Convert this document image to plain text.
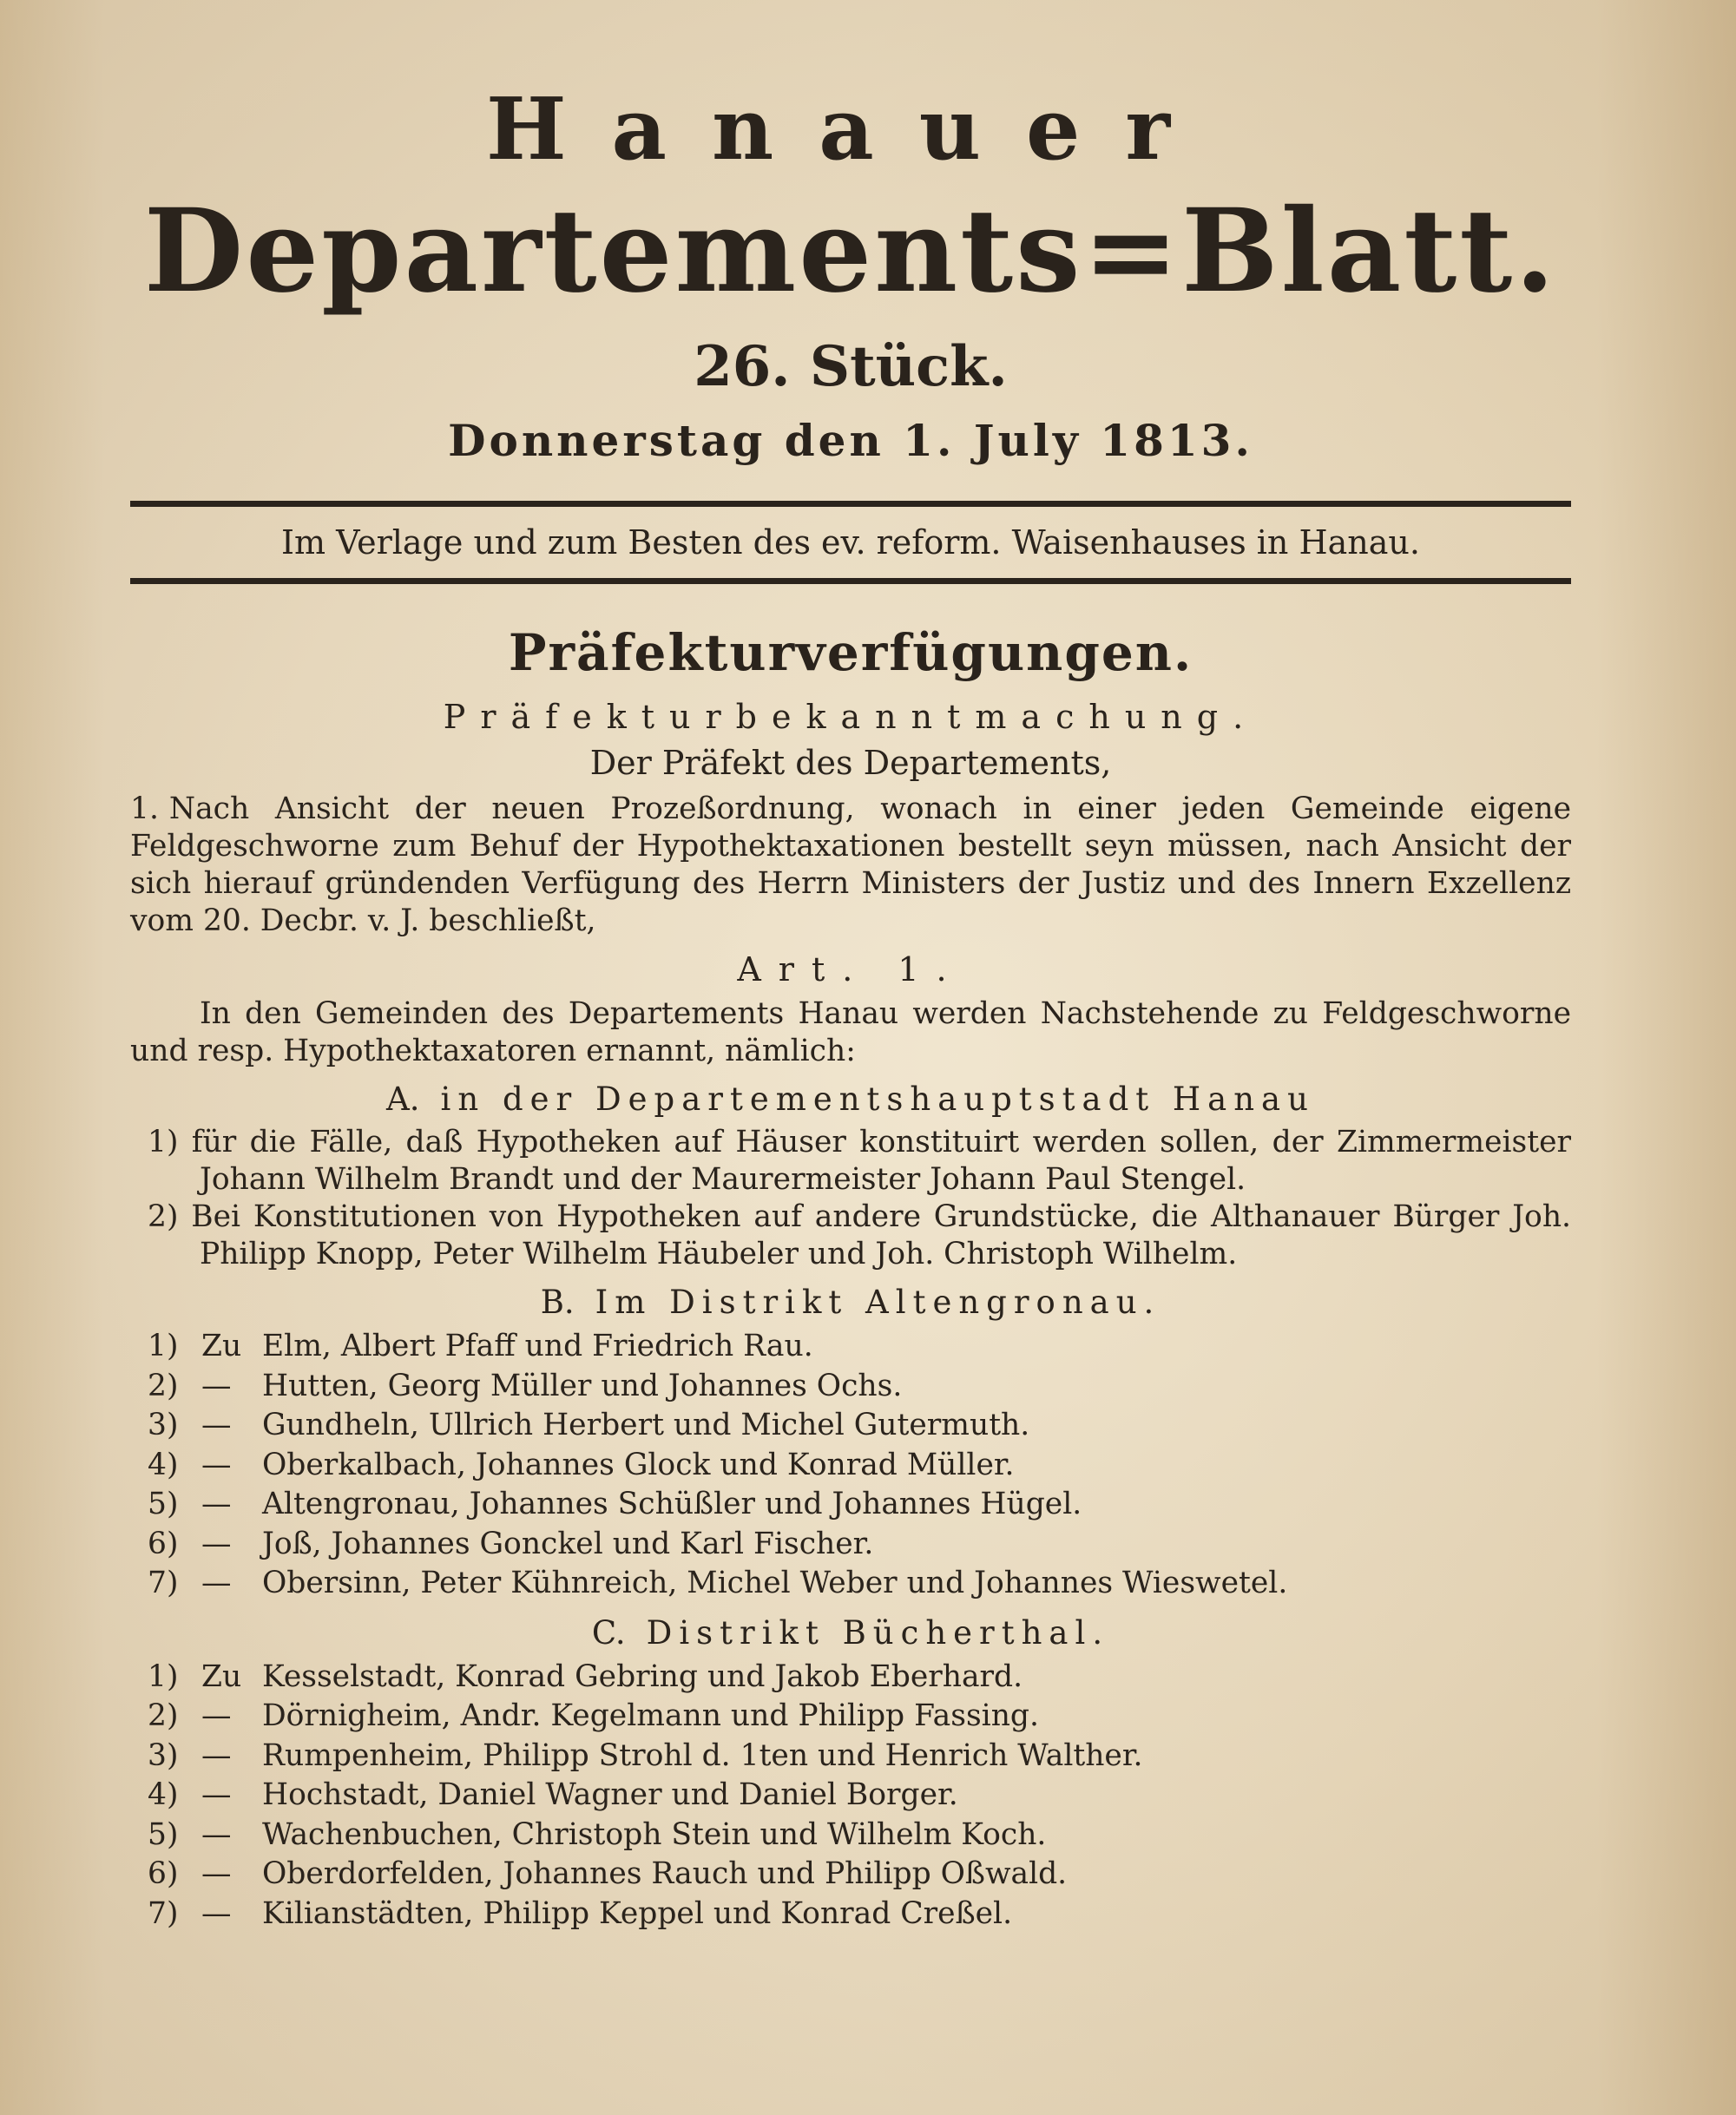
Hanauer
Departements=Blatt.
26. Stück.
Donnerstag den 1. July 1813.
Im Verlage und zum Besten des ev. reform. Waisenhauses in Hanau.
Präfekturverfügungen.
Präfekturbekanntmachung.
Der Präfekt des Departements,

1. Nach Ansicht der neuen Prozeßordnung, wonach in einer jeden Gemeinde eigene Feldgeschworne zum Behuf der Hypothektaxationen bestellt seyn müssen, nach Ansicht der sich hierauf gründenden Verfügung des Herrn Ministers der Justiz und des Innern Exzellenz vom 20. Decbr. v. J. beschließt,

Art. 1.

In den Gemeinden des Departements Hanau werden Nachstehende zu Feldgeschworne und resp. Hypothektaxatoren ernannt, nämlich:

A. in der Departementshauptstadt Hanau

1) für die Fälle, daß Hypotheken auf Häuser konstituirt werden sollen, der Zimmermeister Johann Wilhelm Brandt und der Maurermeister Johann Paul Stengel.

2) Bei Konstitutionen von Hypotheken auf andere Grundstücke, die Althanauer Bürger Joh. Philipp Knopp, Peter Wilhelm Häubeler und Joh. Christoph Wilhelm.

B. Im Distrikt Altengronau.

1) Zu Elm, Albert Pfaff und Friedrich Rau.

2) — Hutten, Georg Müller und Johannes Ochs.

3) — Gundheln, Ullrich Herbert und Michel Gutermuth.

4) — Oberkalbach, Johannes Glock und Konrad Müller.

5) — Altengronau, Johannes Schüßler und Johannes Hügel.

6) — Joß, Johannes Gonckel und Karl Fischer.

7) — Obersinn, Peter Kühnreich, Michel Weber und Johannes Wieswetel.

C. Distrikt Bücherthal.

1) Zu Kesselstadt, Konrad Gebring und Jakob Eberhard.

2) — Dörnigheim, Andr. Kegelmann und Philipp Fassing.

3) — Rumpenheim, Philipp Strohl d. 1ten und Henrich Walther.

4) — Hochstadt, Daniel Wagner und Daniel Borger.

5) — Wachenbuchen, Christoph Stein und Wilhelm Koch.

6) — Oberdorfelden, Johannes Rauch und Philipp Oßwald.

7) — Kilianstädten, Philipp Keppel und Konrad Creßel.
